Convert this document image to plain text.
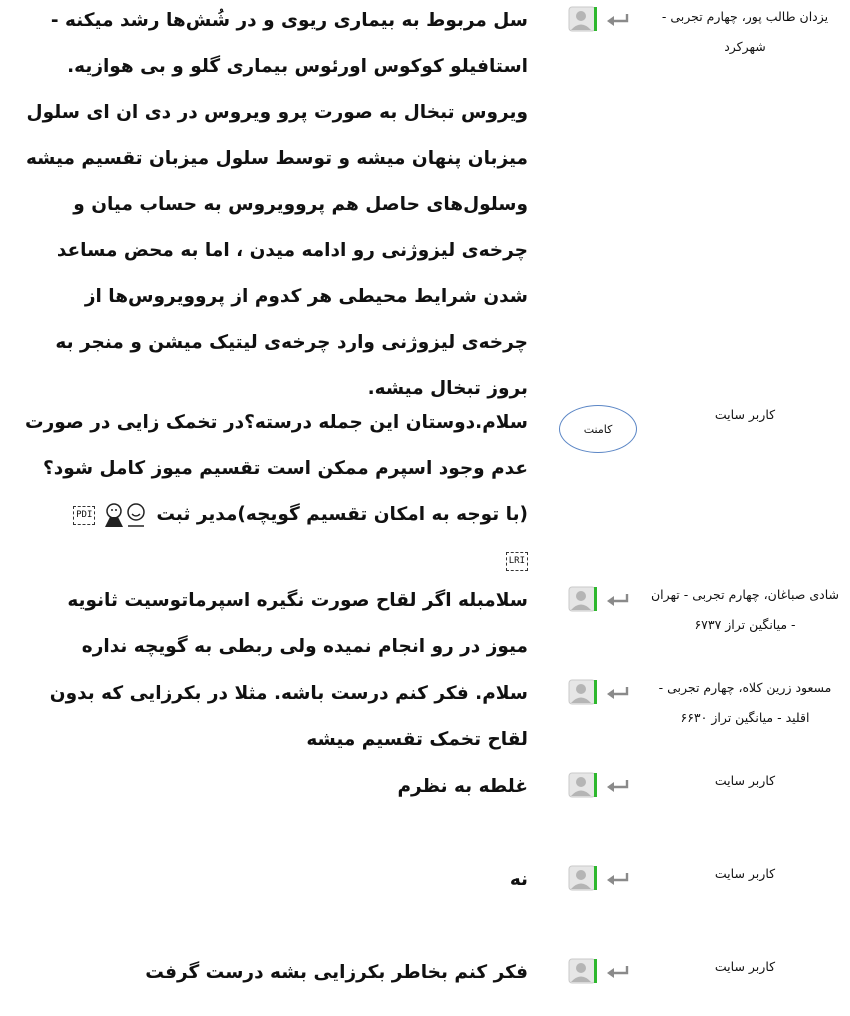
یزدان طالب پور، چهارم تجربی - شهرکرد
سل مربوط به بیماری ریوی و در شُش‌ها رشد میکنه - استافیلو کوکوس اورئوس بیماری گلو و بی هوازیه. ویروس تبخال به صورت پرو ویروس در دی ان ای سلول میزبان پنهان میشه و توسط سلول میزبان تقسیم میشه وسلول‌های حاصل هم پروویروس به حساب میان و چرخه‌ی لیزوژنی رو ادامه میدن ، اما به محض مساعد شدن شرایط محیطی هر کدوم از پروویروس‌ها از چرخه‌ی لیزوژنی وارد چرخه‌ی لیتیک میشن و منجر به بروز تبخال میشه.
کاربر سایت
کامنت
سلام.دوستان این جمله درسته؟در تخمک زایی در صورت عدم وجود اسپرم ممکن است تقسیم میوز کامل شود؟(با توجه به امکان تقسیم گویچه)مدیر ثبت  PDI  LRI
شادی صباغان، چهارم تجربی - تهران - میانگین تراز ۶۷۳۷
سلامبله اگر لقاح صورت نگیره اسپرماتوسیت ثانویه میوز در رو انجام نمیده ولی ربطی به گویچه نداره
مسعود زرین کلاه، چهارم تجربی - اقلید - میانگین تراز ۶۶۳۰
سلام. فکر کنم درست باشه. مثلا در بکرزایی که بدون لقاح تخمک تقسیم میشه
کاربر سایت
غلطه به نظرم
کاربر سایت
نه
کاربر سایت
فکر کنم بخاطر بکرزایی بشه درست گرفت
